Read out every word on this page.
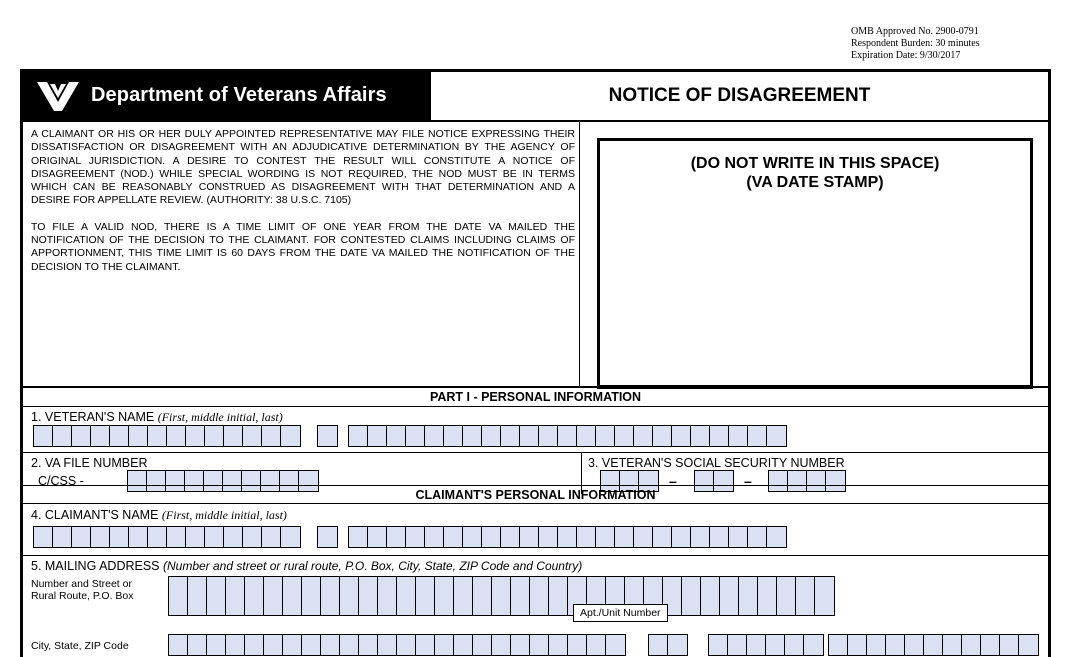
OMB Approved No. 2900-0791
Respondent Burden: 30 minutes
Expiration Date: 9/30/2017
Department of Veterans Affairs	NOTICE OF DISAGREEMENT

A CLAIMANT OR HIS OR HER DULY APPOINTED REPRESENTATIVE MAY FILE NOTICE EXPRESSING THEIR DISSATISFACTION OR DISAGREEMENT WITH AN ADJUDICATIVE DETERMINATION BY THE AGENCY OF ORIGINAL JURISDICTION. A DESIRE TO CONTEST THE RESULT WILL CONSTITUTE A NOTICE OF DISAGREEMENT (NOD.) WHILE SPECIAL WORDING IS NOT REQUIRED, THE NOD MUST BE IN TERMS WHICH CAN BE REASONABLY CONSTRUED AS DISAGREEMENT WITH THAT DETERMINATION AND A DESIRE FOR APPELLATE REVIEW. (AUTHORITY: 38 U.S.C. 7105)

TO FILE A VALID NOD, THERE IS A TIME LIMIT OF ONE YEAR FROM THE DATE VA MAILED THE NOTIFICATION OF THE DECISION TO THE CLAIMANT. FOR CONTESTED CLAIMS INCLUDING CLAIMS OF APPORTIONMENT, THIS TIME LIMIT IS 60 DAYS FROM THE DATE VA MAILED THE NOTIFICATION OF THE DECISION TO THE CLAIMANT.

(DO NOT WRITE IN THIS SPACE)
(VA DATE STAMP)
PART I - PERSONAL INFORMATION
1. VETERAN'S NAME (First, middle initial, last)
2. VA FILE NUMBER
C/CSS -
3. VETERAN'S SOCIAL SECURITY NUMBER
–	–
CLAIMANT'S PERSONAL INFORMATION
4. CLAIMANT'S NAME (First, middle initial, last)
5. MAILING ADDRESS (Number and street or rural route, P.O. Box, City, State, ZIP Code and Country)
Number and Street or Rural Route, P.O. Box
Apt./Unit Number
City, State, ZIP Code
